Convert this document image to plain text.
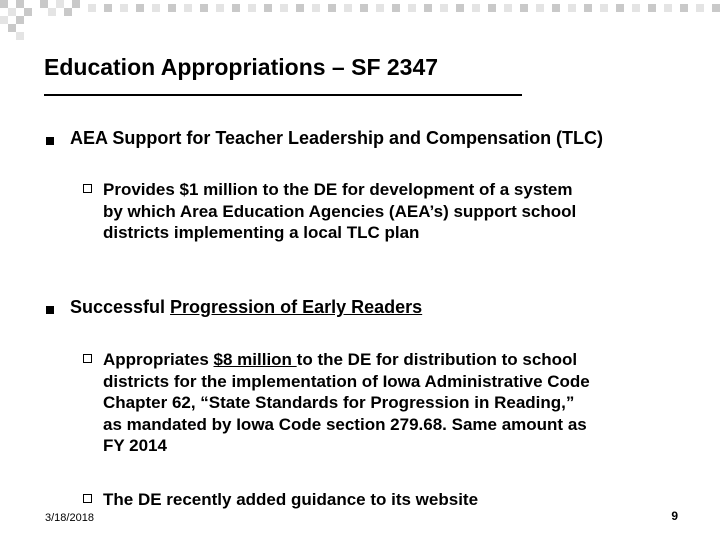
Education Appropriations – SF 2347
AEA Support for Teacher Leadership and Compensation (TLC)
Provides $1 million to the DE for development of a system
by which Area Education Agencies (AEA’s) support school
districts implementing a local TLC plan
Successful Progression of Early Readers
Appropriates $8 million to the DE for distribution to school
districts for the implementation of Iowa Administrative Code
Chapter 62, “State Standards for Progression in Reading,”
as mandated by Iowa Code section 279.68. Same amount as
FY 2014
The DE recently added guidance to its website
3/18/2018	9
